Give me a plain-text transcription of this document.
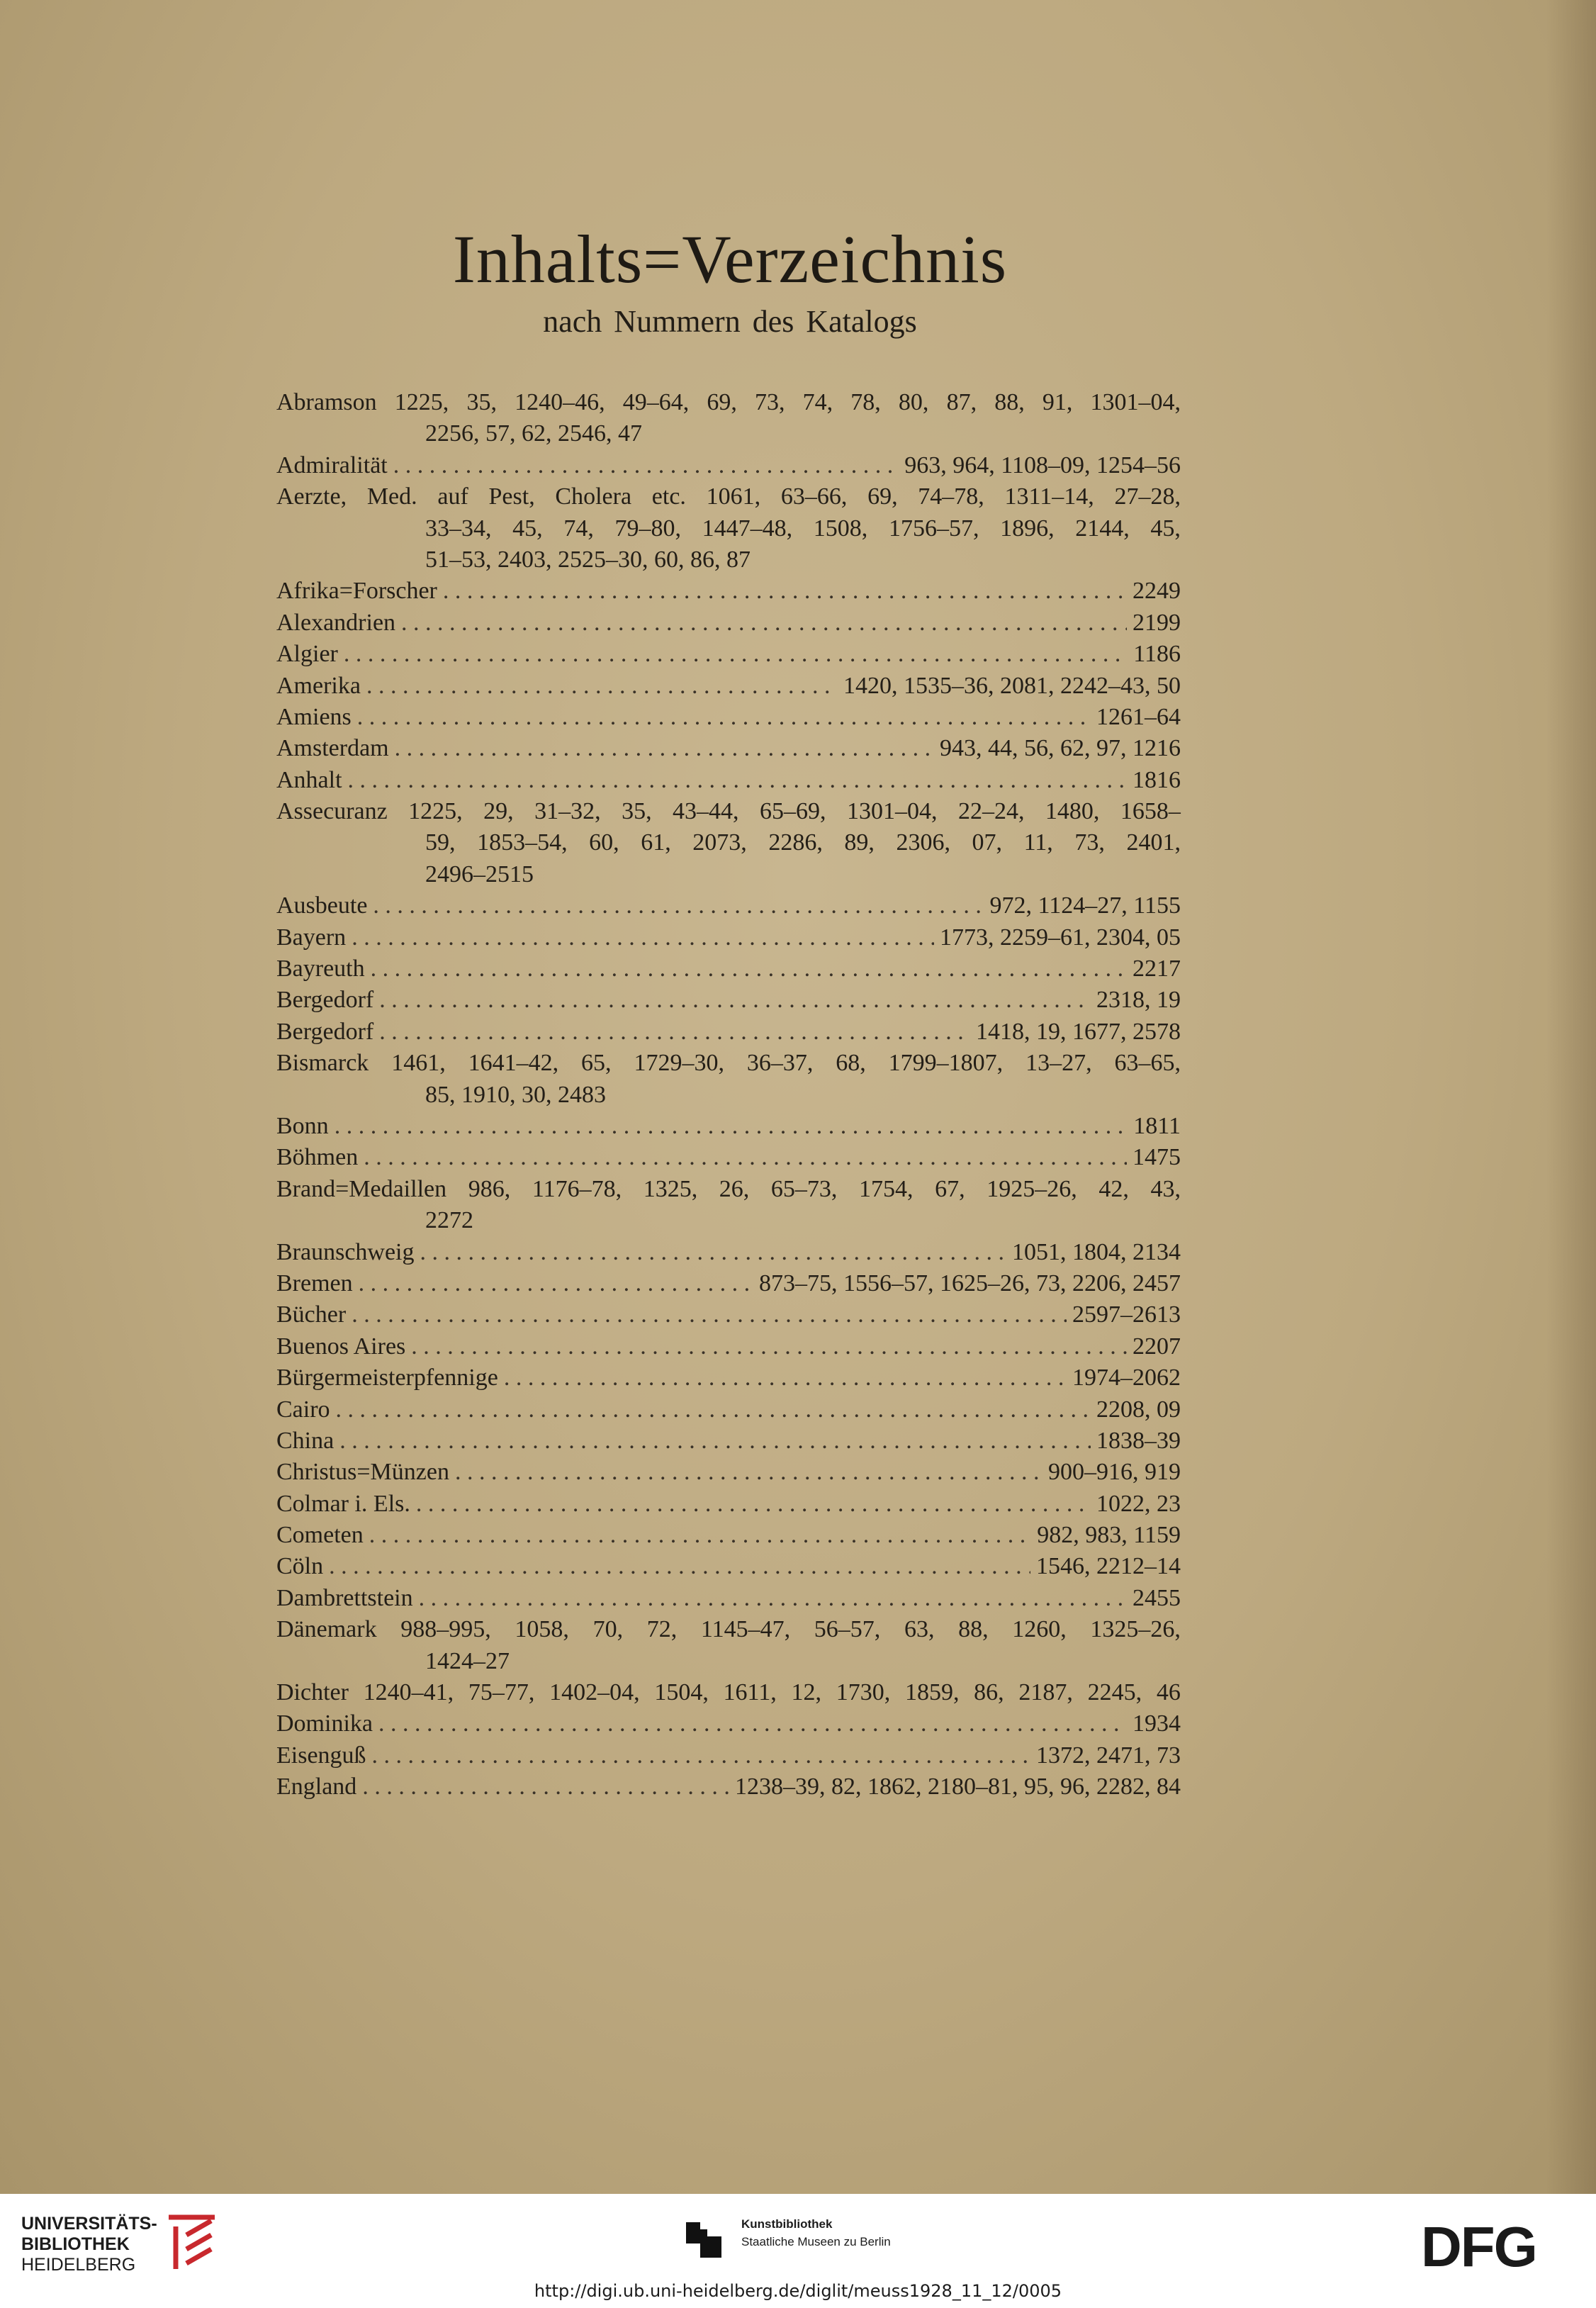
Inhalts=Verzeichnis
nach Nummern des Katalogs
Abramson 1225, 35, 1240–46, 49–64, 69, 73, 74, 78, 80, 87, 88, 91, 1301–04,
2256, 57, 62, 2546, 47
Admiralität . . .	963, 964, 1108–09, 1254–56
Aerzte, Med. auf Pest, Cholera etc. 1061, 63–66, 69, 74–78, 1311–14, 27–28,
33–34, 45, 74, 79–80, 1447–48, 1508, 1756–57, 1896, 2144, 45,
51–53, 2403, 2525–30, 60, 86, 87
Afrika=Forscher . . .	2249
Alexandrien . . .	2199
Algier . . .	1186
Amerika . . .	1420, 1535–36, 2081, 2242–43, 50
Amiens . . .	1261–64
Amsterdam . . .	943, 44, 56, 62, 97, 1216
Anhalt . . .	1816
Assecuranz 1225, 29, 31–32, 35, 43–44, 65–69, 1301–04, 22–24, 1480, 1658–
59, 1853–54, 60, 61, 2073, 2286, 89, 2306, 07, 11, 73, 2401,
2496–2515
Ausbeute . . .	972, 1124–27, 1155
Bayern . . .	1773, 2259–61, 2304, 05
Bayreuth . . .	2217
Bergedorf . . .	2318, 19
Bergedorf . . .	1418, 19, 1677, 2578
Bismarck 1461, 1641–42, 65, 1729–30, 36–37, 68, 1799–1807, 13–27, 63–65,
85, 1910, 30, 2483
Bonn . . .	1811
Böhmen . . .	1475
Brand=Medaillen 986, 1176–78, 1325, 26, 65–73, 1754, 67, 1925–26, 42, 43,
2272
Braunschweig . . .	1051, 1804, 2134
Bremen . . .	873–75, 1556–57, 1625–26, 73, 2206, 2457
Bücher . . .	2597–2613
Buenos Aires . . .	2207
Bürgermeisterpfennige . . .	1974–2062
Cairo . . .	2208, 09
China . . .	1838–39
Christus=Münzen . . .	900–916, 919
Colmar i. Els. . . .	1022, 23
Cometen . . .	982, 983, 1159
Cöln . . .	1546, 2212–14
Dambrettstein . . .	2455
Dänemark 988–995, 1058, 70, 72, 1145–47, 56–57, 63, 88, 1260, 1325–26,
1424–27
Dichter 1240–41, 75–77, 1402–04, 1504, 1611, 12, 1730, 1859, 86, 2187, 2245, 46
Dominika . . .	1934
Eisenguß . . .	1372, 2471, 73
England . . .	1238–39, 82, 1862, 2180–81, 95, 96, 2282, 84
UNIVERSITÄTS-
BIBLIOTHEK
HEIDELBERG
Kunstbibliothek
Staatliche Museen zu Berlin	DFG
http://digi.ub.uni-heidelberg.de/diglit/meuss1928_11_12/0005
